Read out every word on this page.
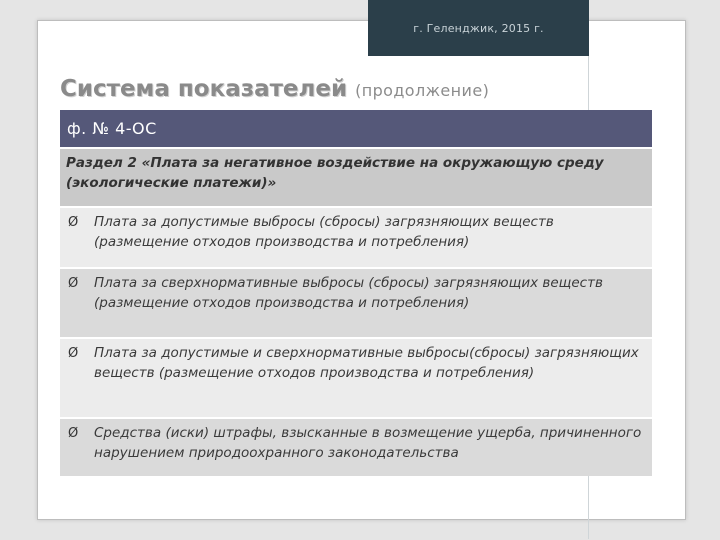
г. Геленджик, 2015 г.
Система показателей (продолжение)
ф. № 4-ОС
Раздел 2 «Плата за негативное воздействие на окружающую среду (экологические платежи)»
Ø	Плата за допустимые выбросы (сбросы) загрязняющих веществ (размещение отходов производства и потребления)
Ø	Плата за сверхнормативные выбросы (сбросы) загрязняющих веществ (размещение отходов производства и потребления)
Ø	Плата за допустимые и сверхнормативные выбросы(сбросы) загрязняющих веществ (размещение отходов производства и потребления)
Ø	Средства (иски) штрафы, взысканные в возмещение ущерба, причиненного нарушением природоохранного законодательства
